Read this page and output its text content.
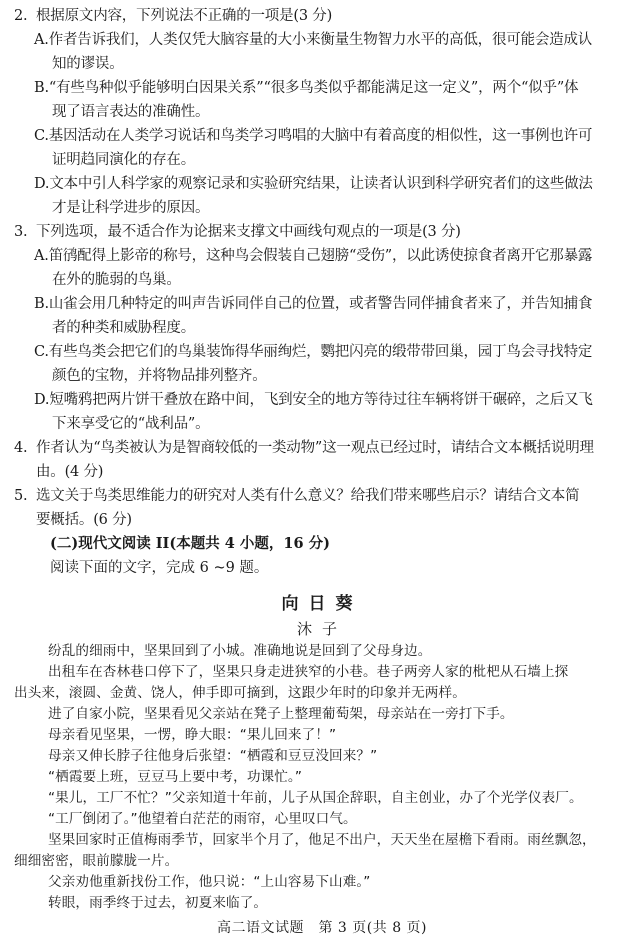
2. 根据原文内容，下列说法不正确的一项是(3 分)
A.作者告诉我们，人类仅凭大脑容量的大小来衡量生物智力水平的高低，很可能会造成认
知的谬误。
B.“有些鸟种似乎能够明白因果关系”“很多鸟类似乎都能满足这一定义”，两个“似乎”体
现了语言表达的准确性。
C.基因活动在人类学习说话和鸟类学习鸣唱的大脑中有着高度的相似性，这一事例也许可
证明趋同演化的存在。
D.文本中引人科学家的观察记录和实验研究结果，让读者认识到科学研究者们的这些做法
才是让科学进步的原因。
3. 下列选项，最不适合作为论据来支撑文中画线句观点的一项是(3 分)
A.笛鸻配得上影帝的称号，这种鸟会假装自己翅膀“受伤”，以此诱使掠食者离开它那暴露
在外的脆弱的鸟巢。
B.山雀会用几种特定的叫声告诉同伴自己的位置，或者警告同伴捕食者来了，并告知捕食
者的种类和威胁程度。
C.有些鸟类会把它们的鸟巢装饰得华丽绚烂，鹦把闪亮的缎带带回巢，园丁鸟会寻找特定
颜色的宝物，并将物品排列整齐。
D.短嘴鸦把两片饼干叠放在路中间，飞到安全的地方等待过往车辆将饼干碾碎，之后又飞
下来享受它的“战利品”。
4. 作者认为“鸟类被认为是智商较低的一类动物”这一观点已经过时，请结合文本概括说明理
由。(4 分)
5. 选文关于鸟类思维能力的研究对人类有什么意义？给我们带来哪些启示？请结合文本简
要概括。(6 分)
(二)现代文阅读 II(本题共 4 小题，16 分)
阅读下面的文字，完成 6 ~9 题。
向日葵
沐子
纷乱的细雨中，坚果回到了小城。准确地说是回到了父母身边。
出租车在杏林巷口停下了，坚果只身走进狭窄的小巷。巷子两旁人家的枇杷从石墙上探
出头来，滚圆、金黄、饶人，伸手即可摘到，这跟少年时的印象并无两样。
进了自家小院，坚果看见父亲站在凳子上整理葡萄架，母亲站在一旁打下手。
母亲看见坚果，一愣，睁大眼：“果儿回来了！”
母亲又伸长脖子往他身后张望：“栖霞和豆豆没回来？”
“栖霞要上班，豆豆马上要中考，功课忙。”
“果儿，工厂不忙？”父亲知道十年前，儿子从国企辞职，自主创业，办了个光学仪表厂。
“工厂倒闭了。”他望着白茫茫的雨帘，心里叹口气。
坚果回家时正值梅雨季节，回家半个月了，他足不出户，天天坐在屋檐下看雨。雨丝飘忽，
细细密密，眼前朦胧一片。
高二语文试题　第 3 页(共 8 页)
父亲劝他重新找份工作，他只说：“上山容易下山难。”
转眼，雨季终于过去，初夏来临了。
